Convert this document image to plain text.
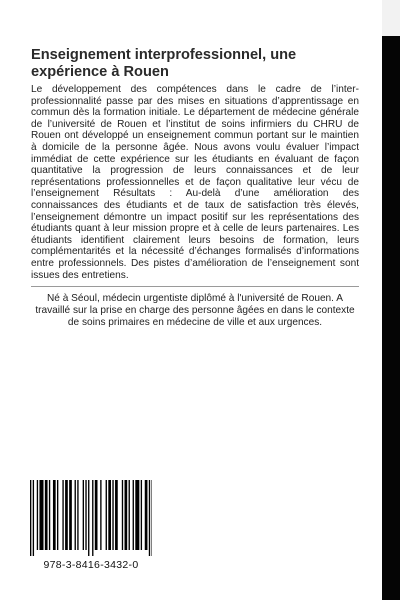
Enseignement interprofessionnel, une expérience à Rouen

Le développement des compétences dans le cadre de l’inter-professionnalité passe par des mises en situations d’apprentissage en commun dès la formation initiale. Le département de médecine générale de l’université de Rouen et l’institut de soins infirmiers du CHRU de Rouen ont développé un enseignement commun portant sur le maintien à domicile de la personne âgée. Nous avons voulu évaluer l’impact immédiat de cette expérience sur les étudiants en évaluant de façon quantitative la progression de leurs connaissances et de leur représentations professionnelles et de façon qualitative leur vécu de l’enseignement Résultats : Au-delà d’une amélioration des connaissances des étudiants et de taux de satisfaction très élevés, l’enseignement démontre un impact positif sur les représentations des étudiants quant à leur mission propre et à celle de leurs partenaires. Les étudiants identifient clairement leurs besoins de formation, leurs complémentarités et la nécessité d’échanges formalisés d’informations entre professionnels. Des pistes d’amélioration de l’enseignement sont issues des entretiens.

Né à Séoul, médecin urgentiste diplômé à l'université de Rouen. A travaillé sur la prise en charge des personne âgées en dans le contexte de soins primaires en médecine de ville et aux urgences.

978-3-8416-3432-0
